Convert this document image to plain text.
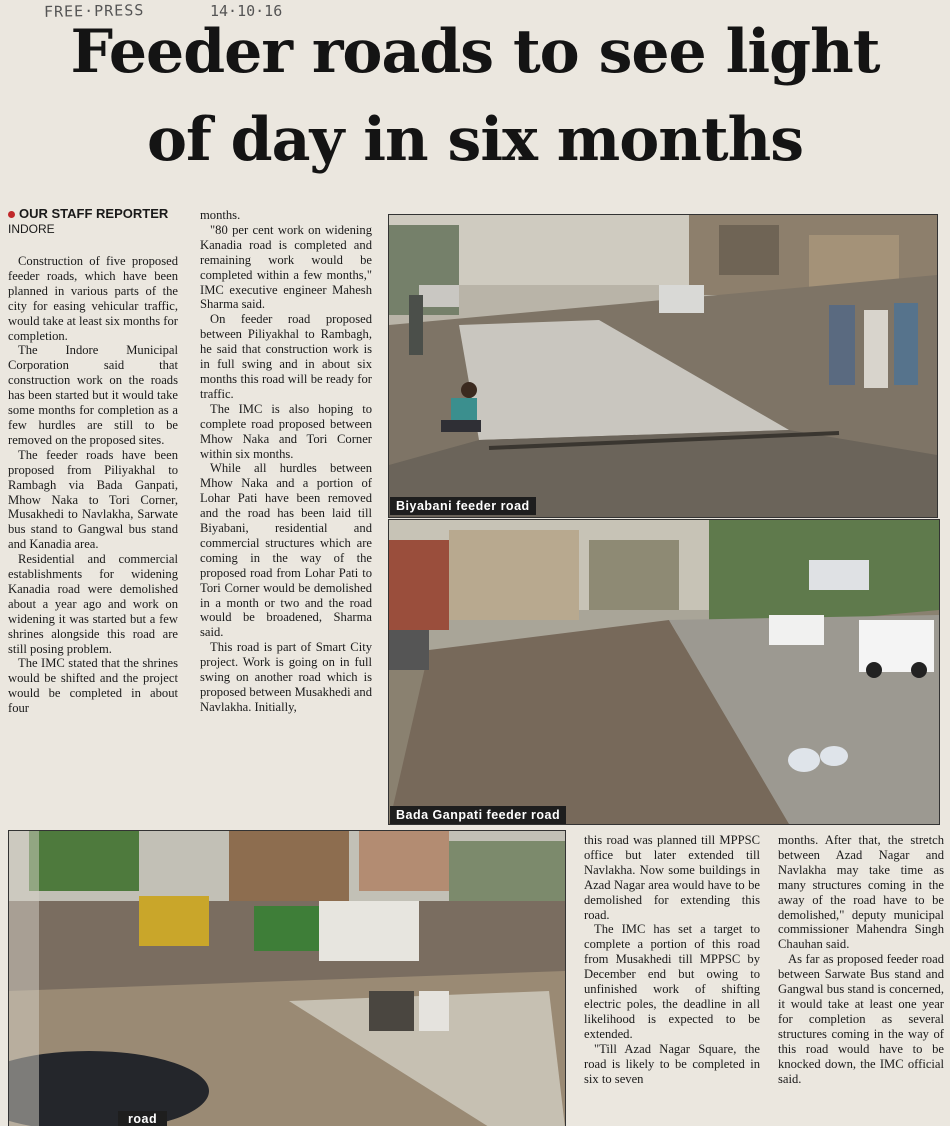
FREE·PRESS	14·10·16
Feeder roads to see light
of day in six months
OUR STAFF REPORTER
INDORE

Construction of five proposed feeder roads, which have been planned in various parts of the city for easing vehicular traffic, would take at least six months for completion.

The Indore Municipal Corporation said that construction work on the roads has been started but it would take some months for completion as a few hurdles are still to be removed on the proposed sites.

The feeder roads have been proposed from Piliyakhal to Rambagh via Bada Ganpati, Mhow Naka to Tori Corner, Musakhedi to Navlakha, Sarwate bus stand to Gangwal bus stand and Kanadia area.

Residential and commercial establishments for widening Kanadia road were demolished about a year ago and work on widening it was started but a few shrines alongside this road are still posing problem.

The IMC stated that the shrines would be shifted and the project would be completed in about four

months.

"80 per cent work on widening Kanadia road is completed and remaining work would be completed within a few months," IMC executive engineer Mahesh Sharma said.

On feeder road proposed between Piliyakhal to Rambagh, he said that construction work is in full swing and in about six months this road will be ready for traffic.

The IMC is also hoping to complete road proposed between Mhow Naka and Tori Corner within six months.

While all hurdles between Mhow Naka and a portion of Lohar Pati have been removed and the road has been laid till Biyabani, residential and commercial structures which are coming in the way of the proposed road from Lohar Pati to Tori Corner would be demolished in a month or two and the road would be broadened, Sharma said.

This road is part of Smart City project. Work is going on in full swing on another road which is proposed between Musakhedi and Navlakha. Initially,

Biyabani feeder road
Bada Ganpati feeder road
road

this road was planned till MPPSC office but later extended till Navlakha. Now some buildings in Azad Nagar area would have to be demolished for extending this road.

The IMC has set a target to complete a portion of this road from Musakhedi till MPPSC by December end but owing to unfinished work of shifting electric poles, the deadline in all likelihood is expected to be extended.

"Till Azad Nagar Square, the road is likely to be completed in six to seven

months. After that, the stretch between Azad Nagar and Navlakha may take time as many structures coming in the away of the road have to be demolished," deputy municipal commissioner Mahendra Singh Chauhan said.

As far as proposed feeder road between Sarwate Bus stand and Gangwal bus stand is concerned, it would take at least one year for completion as several structures coming in the way of this road would have to be knocked down, the IMC official said.
